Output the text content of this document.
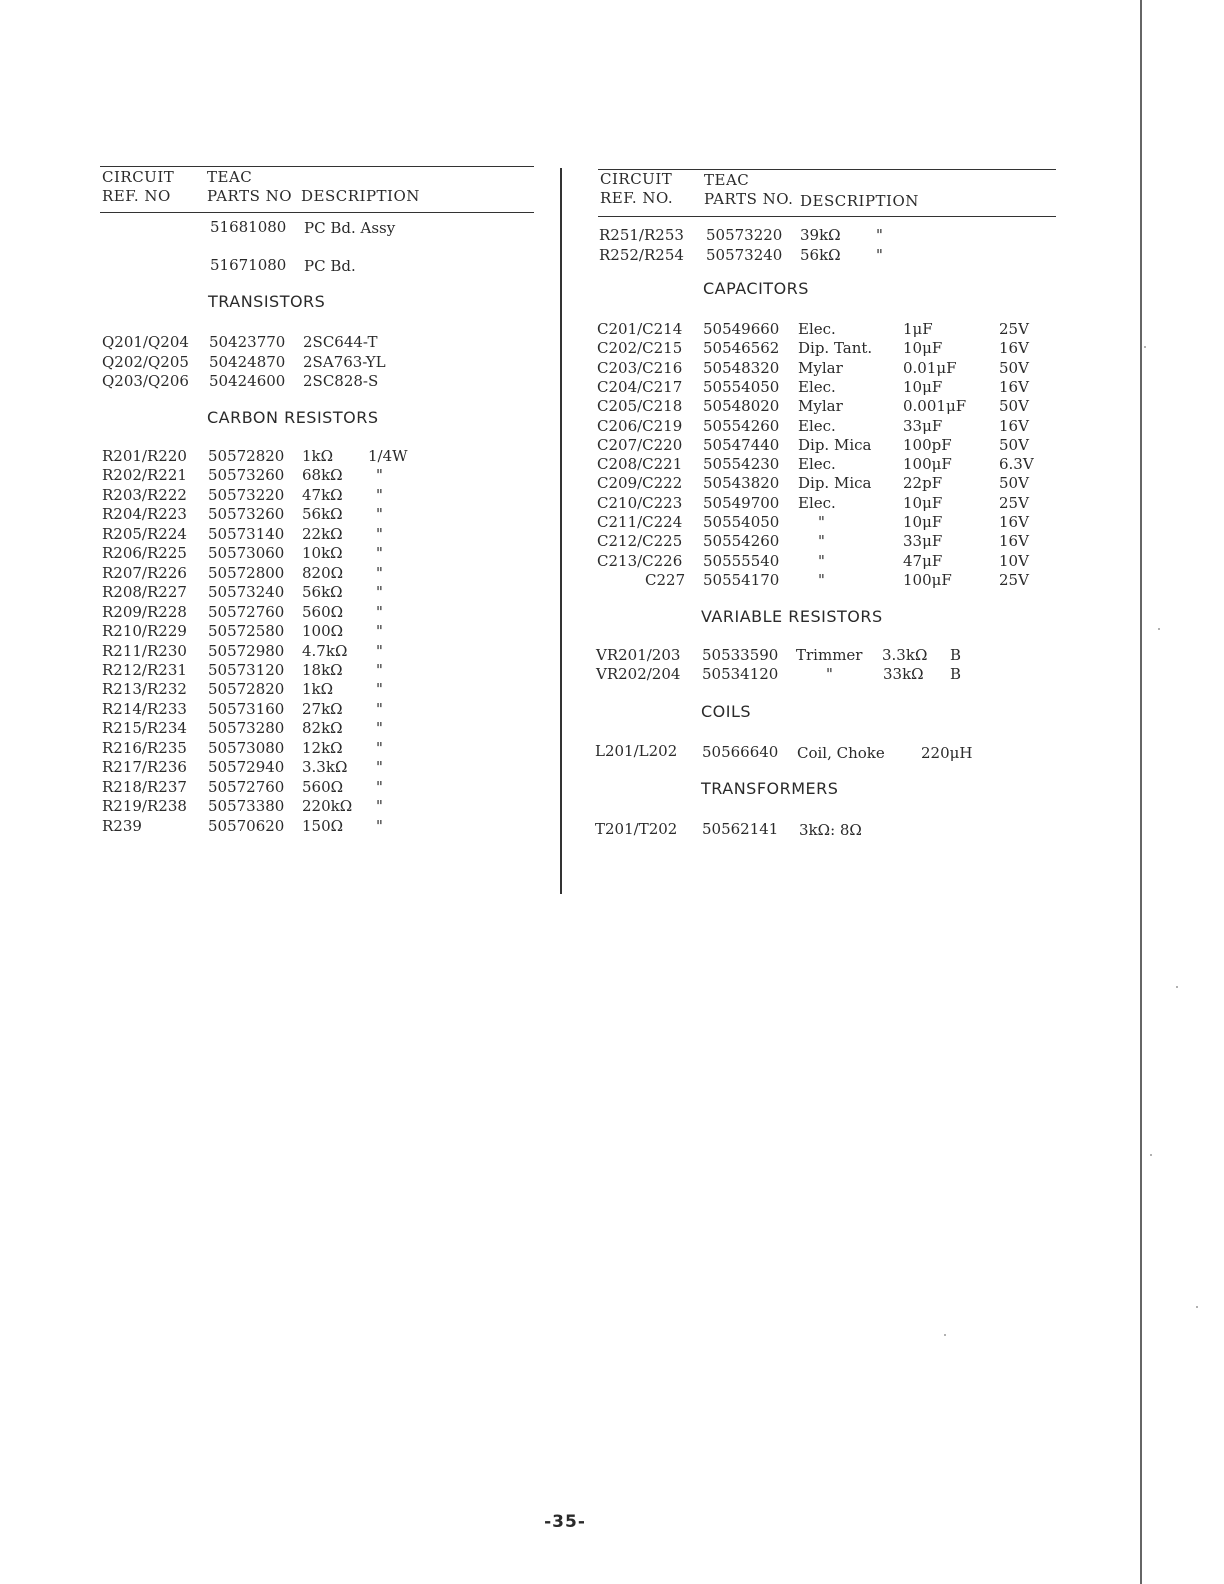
CIRCUIT
REF. NO
TEAC
PARTS NO DESCRIPTION
51681080 PC Bd. Assy
51671080 PC Bd.
TRANSISTORS
Q201/Q204 50423770 2SC644-T
Q202/Q205 50424870 2SA763-YL
Q203/Q206 50424600 2SC828-S
CARBON RESISTORS
R201/R220 50572820 1kΩ 1/4W
R202/R221 50573260 68kΩ "
R203/R222 50573220 47kΩ "
R204/R223 50573260 56kΩ "
R205/R224 50573140 22kΩ "
R206/R225 50573060 10kΩ "
R207/R226 50572800 820Ω "
R208/R227 50573240 56kΩ "
R209/R228 50572760 560Ω "
R210/R229 50572580 100Ω "
R211/R230 50572980 4.7kΩ "
R212/R231 50573120 18kΩ "
R213/R232 50572820 1kΩ	"
R214/R233 50573160 27kΩ "
R215/R234 50573280 82kΩ "
R216/R235 50573080 12kΩ "
R217/R236 50572940 3.3kΩ "
R218/R237 50572760 560Ω "
R219/R238 50573380 220kΩ "
R239	50570620 150Ω "
CIRCUIT
REF. NO.
TEAC
PARTS NO. DESCRIPTION
R251/R253 50573220 39kΩ "
R252/R254 50573240 56kΩ "
CAPACITORS
C201/C214 50549660 Elec.	1μF	25V
C202/C215 50546562 Dip. Tant. 10μF	16V
C203/C216 50548320 Mylar	0.01μF	50V
C204/C217 50554050 Elec.	10μF	16V
C205/C218 50548020 Mylar	0.001μF 50V
C206/C219 50554260 Elec.	33μF	16V
C207/C220 50547440 Dip. Mica 100pF	50V
C208/C221 50554230 Elec.	100μF	6.3V
C209/C222 50543820 Dip. Mica 22pF	50V
C210/C223 50549700 Elec.	10μF	25V
C211/C224 50554050	"	10μF	16V
C212/C225 50554260	"	33μF	16V
C213/C226 50555540	"	47μF	10V
C227 50554170	"	100μF	25V
VARIABLE RESISTORS
VR201/203 50533590 Trimmer 3.3kΩ B
VR202/204 50534120	"	33kΩ B
COILS
L201/L202 50566640 Coil, Choke 220μH
TRANSFORMERS
T201/T202 50562141 3kΩ: 8Ω
-35-
